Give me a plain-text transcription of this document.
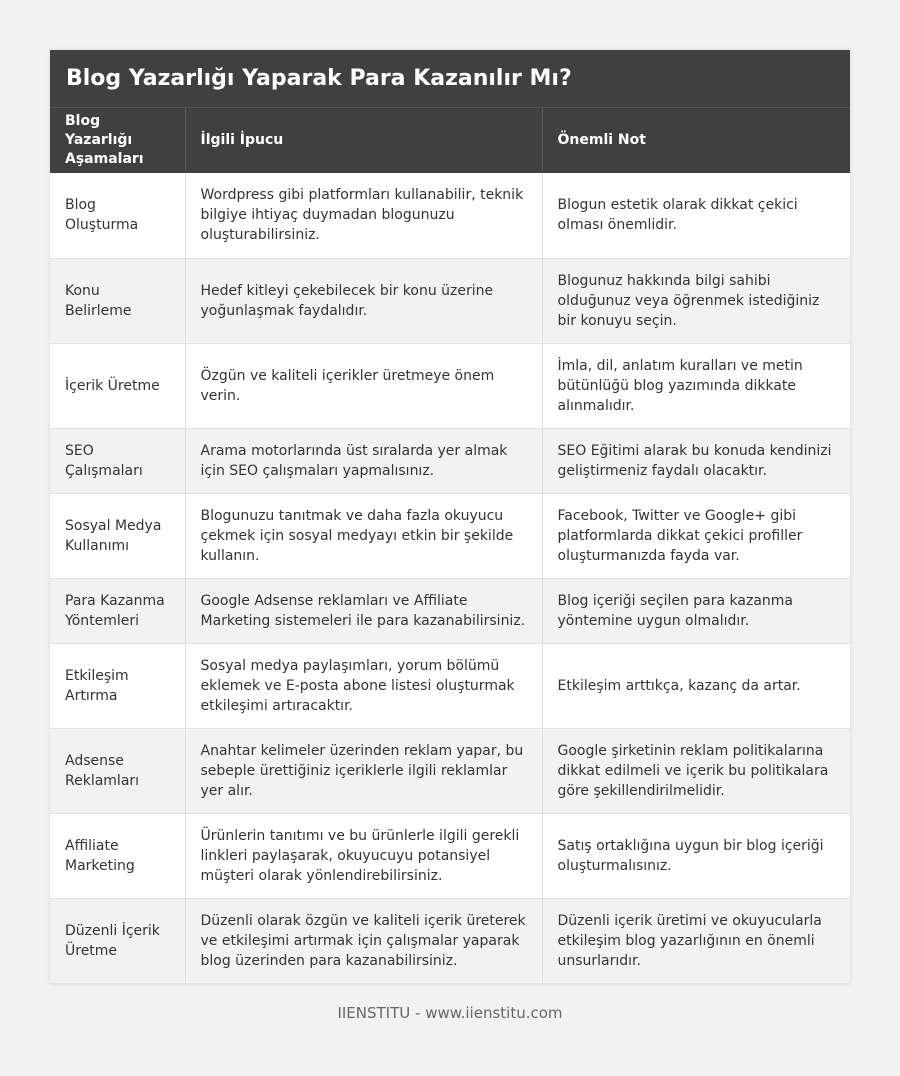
Blog Yazarlığı Yaparak Para Kazanılır Mı?
Blog Yazarlığı Aşamaları	İlgili İpucu	Önemli Not
Blog Oluşturma	Wordpress gibi platformları kullanabilir, teknik bilgiye ihtiyaç duymadan blogunuzu oluşturabilirsiniz.	Blogun estetik olarak dikkat çekici olması önemlidir.
Konu Belirleme	Hedef kitleyi çekebilecek bir konu üzerine yoğunlaşmak faydalıdır.	Blogunuz hakkında bilgi sahibi olduğunuz veya öğrenmek istediğiniz bir konuyu seçin.
İçerik Üretme	Özgün ve kaliteli içerikler üretmeye önem verin.	İmla, dil, anlatım kuralları ve metin bütünlüğü blog yazımında dikkate alınmalıdır.
SEO Çalışmaları	Arama motorlarında üst sıralarda yer almak için SEO çalışmaları yapmalısınız.	SEO Eğitimi alarak bu konuda kendinizi geliştirmeniz faydalı olacaktır.
Sosyal Medya Kullanımı	Blogunuzu tanıtmak ve daha fazla okuyucu çekmek için sosyal medyayı etkin bir şekilde kullanın.	Facebook, Twitter ve Google+ gibi platformlarda dikkat çekici profiller oluşturmanızda fayda var.
Para Kazanma Yöntemleri	Google Adsense reklamları ve Affiliate Marketing sistemeleri ile para kazanabilirsiniz.	Blog içeriği seçilen para kazanma yöntemine uygun olmalıdır.
Etkileşim Artırma	Sosyal medya paylaşımları, yorum bölümü eklemek ve E-posta abone listesi oluşturmak etkileşimi artıracaktır.	Etkileşim arttıkça, kazanç da artar.
Adsense Reklamları	Anahtar kelimeler üzerinden reklam yapar, bu sebeple ürettiğiniz içeriklerle ilgili reklamlar yer alır.	Google şirketinin reklam politikalarına dikkat edilmeli ve içerik bu politikalara göre şekillendirilmelidir.
Affiliate Marketing	Ürünlerin tanıtımı ve bu ürünlerle ilgili gerekli linkleri paylaşarak, okuyucuyu potansiyel müşteri olarak yönlendirebilirsiniz.	Satış ortaklığına uygun bir blog içeriği oluşturmalısınız.
Düzenli İçerik Üretme	Düzenli olarak özgün ve kaliteli içerik üreterek ve etkileşimi artırmak için çalışmalar yaparak blog üzerinden para kazanabilirsiniz.	Düzenli içerik üretimi ve okuyucularla etkileşim blog yazarlığının en önemli unsurlarıdır.
IIENSTITU - www.iienstitu.com
